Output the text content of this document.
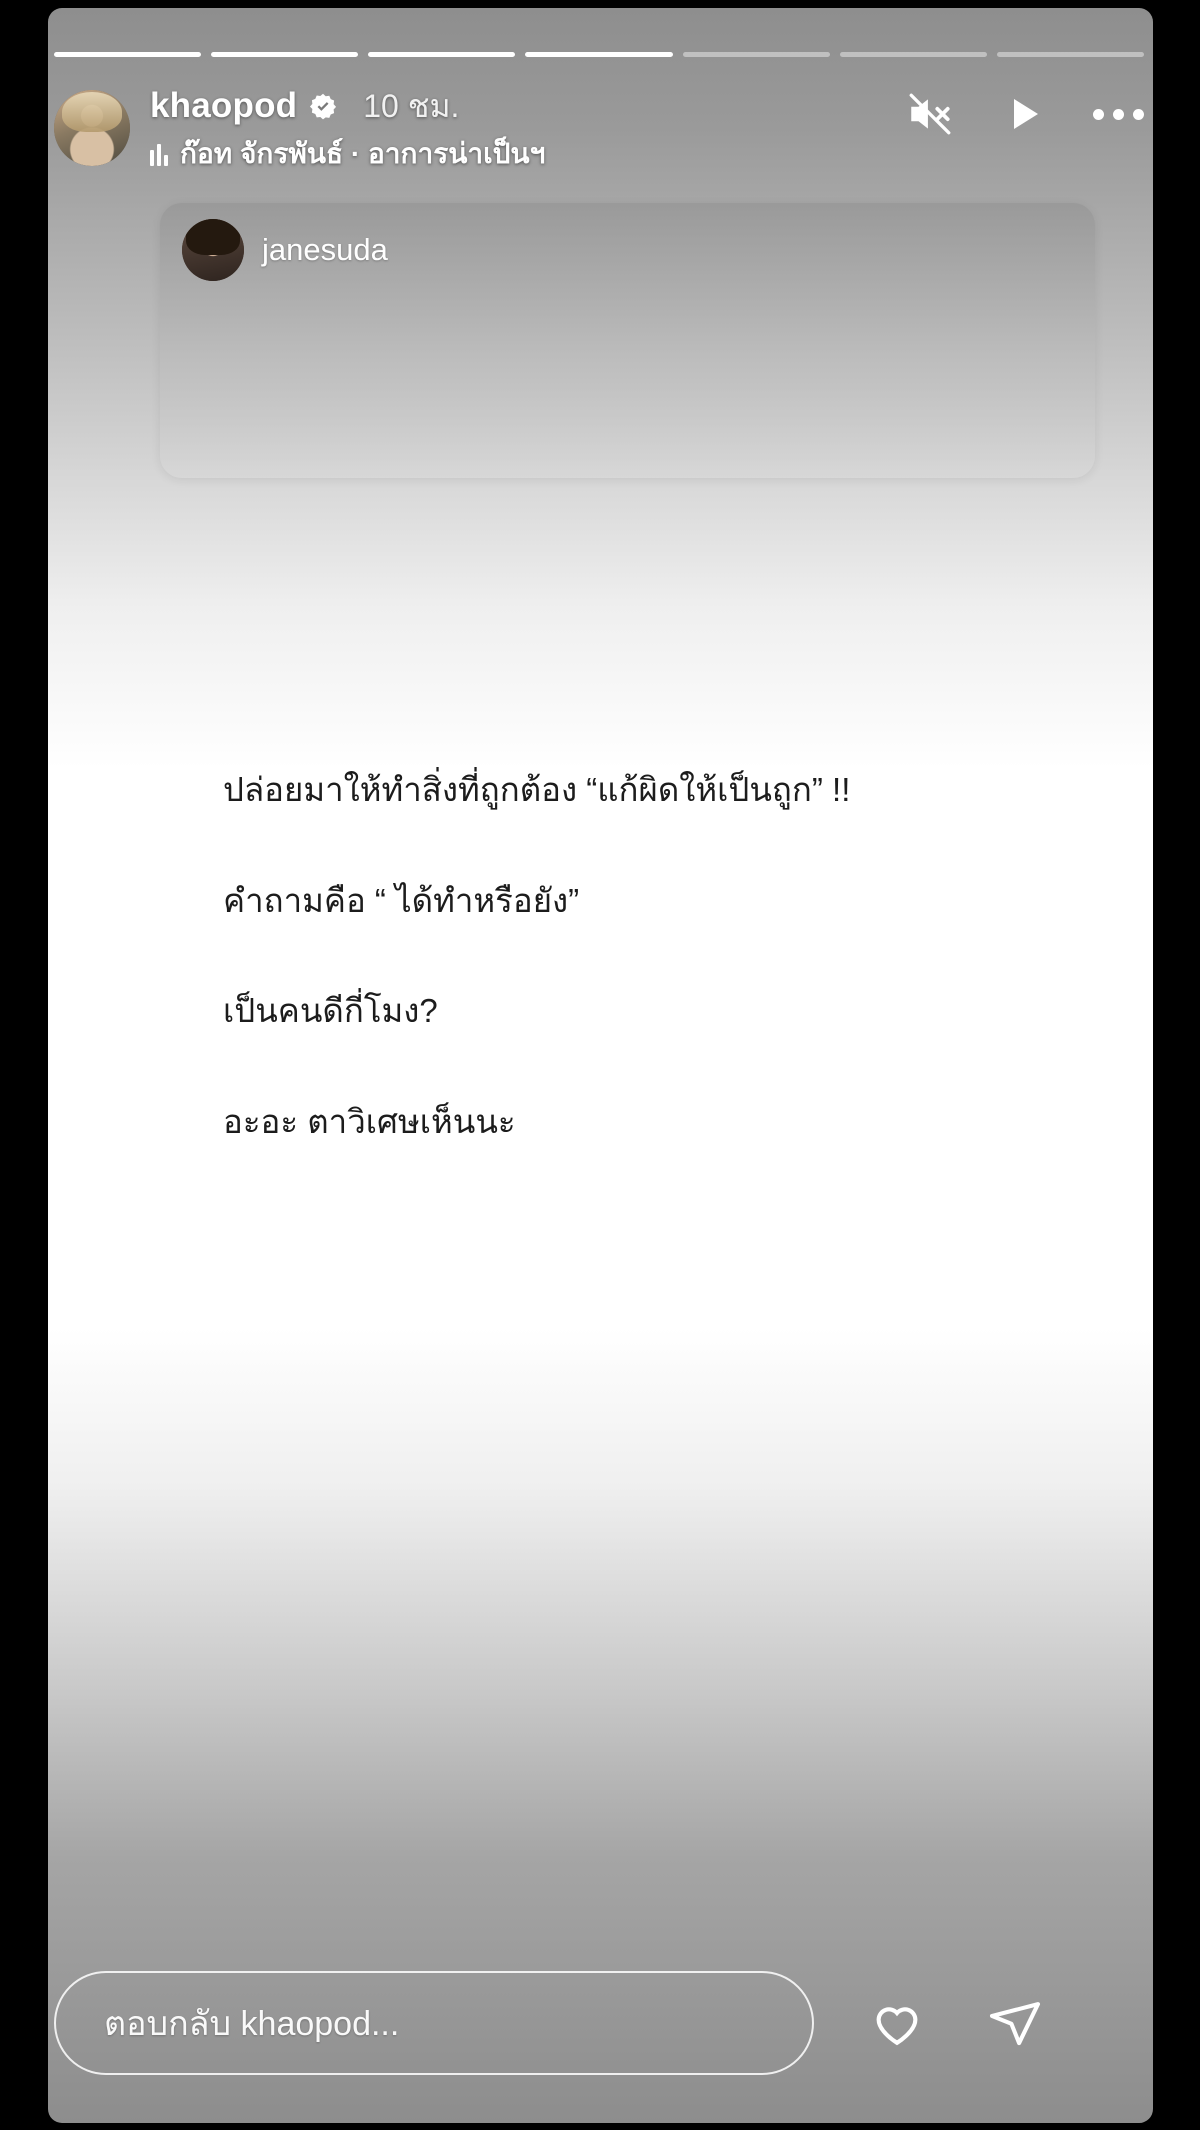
ปล่อยมาให้ทำสิ่งที่ถูกต้อง “แก้ผิดให้เป็นถูก” !!

คำถามคือ “ ได้ทำหรือยัง”

เป็นคนดีกี่โมง?

อะอะ ตาวิเศษเห็นนะ

janesuda
khaopod 10 ชม.
ก๊อท จักรพันธ์ · อาการน่าเป็นฯ
ตอบกลับ khaopod...
